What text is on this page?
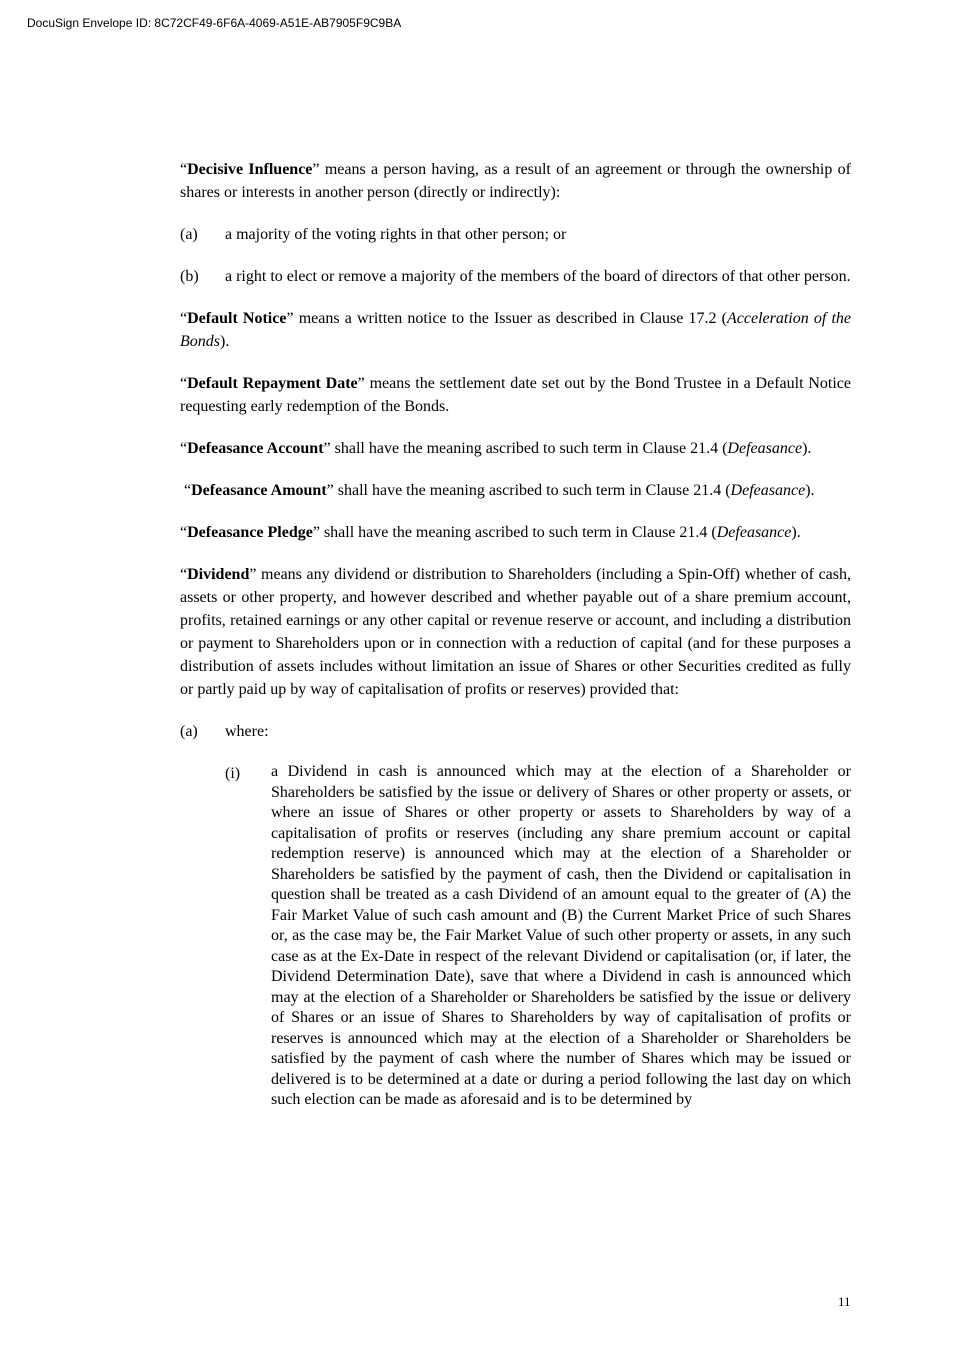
DocuSign Envelope ID: 8C72CF49-6F6A-4069-A51E-AB7905F9C9BA

“Decisive Influence” means a person having, as a result of an agreement or through the ownership of shares or interests in another person (directly or indirectly):

(a)	a majority of the voting rights in that other person; or
(b)	a right to elect or remove a majority of the members of the board of directors of that other person.

“Default Notice” means a written notice to the Issuer as described in Clause 17.2 (Acceleration of the Bonds).

“Default Repayment Date” means the settlement date set out by the Bond Trustee in a Default Notice requesting early redemption of the Bonds.

“Defeasance Account” shall have the meaning ascribed to such term in Clause 21.4 (Defeasance).

“Defeasance Amount” shall have the meaning ascribed to such term in Clause 21.4 (Defeasance).

“Defeasance Pledge” shall have the meaning ascribed to such term in Clause 21.4 (Defeasance).

“Dividend” means any dividend or distribution to Shareholders (including a Spin-Off) whether of cash, assets or other property, and however described and whether payable out of a share premium account, profits, retained earnings or any other capital or revenue reserve or account, and including a distribution or payment to Shareholders upon or in connection with a reduction of capital (and for these purposes a distribution of assets includes without limitation an issue of Shares or other Securities credited as fully or partly paid up by way of capitalisation of profits or reserves) provided that:

(a)	where:
(i)	a Dividend in cash is announced which may at the election of a Shareholder or Shareholders be satisfied by the issue or delivery of Shares or other property or assets, or where an issue of Shares or other property or assets to Shareholders by way of a capitalisation of profits or reserves (including any share premium account or capital redemption reserve) is announced which may at the election of a Shareholder or Shareholders be satisfied by the payment of cash, then the Dividend or capitalisation in question shall be treated as a cash Dividend of an amount equal to the greater of (A) the Fair Market Value of such cash amount and (B) the Current Market Price of such Shares or, as the case may be, the Fair Market Value of such other property or assets, in any such case as at the Ex-Date in respect of the relevant Dividend or capitalisation (or, if later, the Dividend Determination Date), save that where a Dividend in cash is announced which may at the election of a Shareholder or Shareholders be satisfied by the issue or delivery of Shares or an issue of Shares to Shareholders by way of capitalisation of profits or reserves is announced which may at the election of a Shareholder or Shareholders be satisfied by the payment of cash where the number of Shares which may be issued or delivered is to be determined at a date or during a period following the last day on which such election can be made as aforesaid and is to be determined by
11
